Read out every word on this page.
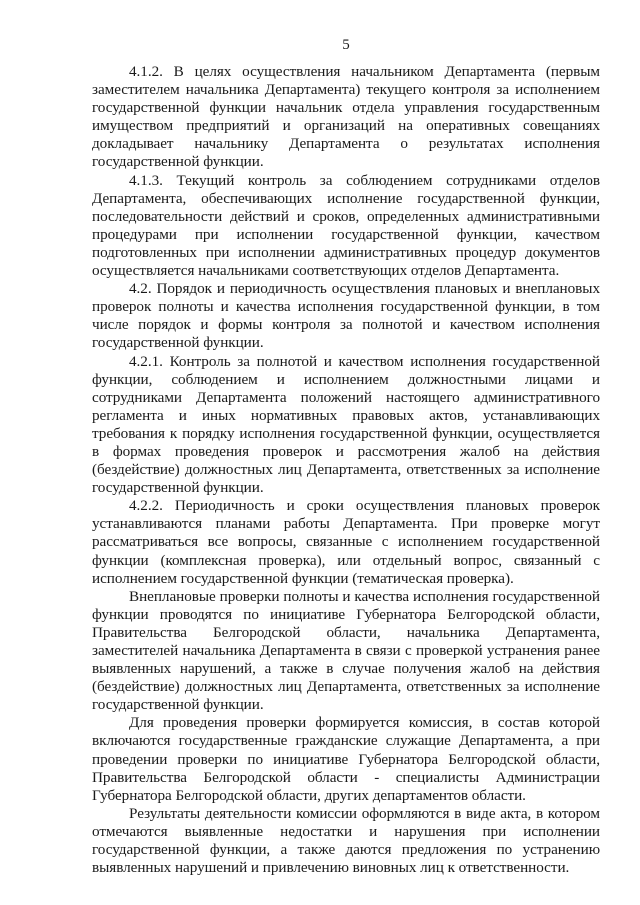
5

4.1.2. В целях осуществления начальником Департамента (первым заместителем начальника Департамента) текущего контроля за исполнением государственной функции начальник отдела управления государственным имуществом предприятий и организаций на оперативных совещаниях докладывает начальнику Департамента о результатах исполнения государственной функции.

4.1.3. Текущий контроль за соблюдением сотрудниками отделов Департамента, обеспечивающих исполнение государственной функции, последовательности действий и сроков, определенных административными процедурами при исполнении государственной функции, качеством подготовленных при исполнении административных процедур документов осуществляется начальниками соответствующих отделов Департамента.

4.2. Порядок и периодичность осуществления плановых и внеплановых проверок полноты и качества исполнения государственной функции, в том числе порядок и формы контроля за полнотой и качеством исполнения государственной функции.

4.2.1. Контроль за полнотой и качеством исполнения государственной функции, соблюдением и исполнением должностными лицами и сотрудниками Департамента положений настоящего административного регламента и иных нормативных правовых актов, устанавливающих требования к порядку исполнения государственной функции, осуществляется в формах проведения проверок и рассмотрения жалоб на действия (бездействие) должностных лиц Департамента, ответственных за исполнение государственной функции.

4.2.2. Периодичность и сроки осуществления плановых проверок устанавливаются планами работы Департамента. При проверке могут рассматриваться все вопросы, связанные с исполнением государственной функции (комплексная проверка), или отдельный вопрос, связанный с исполнением государственной функции (тематическая проверка).

Внеплановые проверки полноты и качества исполнения государственной функции проводятся по инициативе Губернатора Белгородской области, Правительства Белгородской области, начальника Департамента, заместителей начальника Департамента в связи с проверкой устранения ранее выявленных нарушений, а также в случае получения жалоб на действия (бездействие) должностных лиц Департамента, ответственных за исполнение государственной функции.

Для проведения проверки формируется комиссия, в состав которой включаются государственные гражданские служащие Департамента, а при проведении проверки по инициативе Губернатора Белгородской области, Правительства Белгородской области - специалисты Администрации Губернатора Белгородской области, других департаментов области.

Результаты деятельности комиссии оформляются в виде акта, в котором отмечаются выявленные недостатки и нарушения при исполнении государственной функции, а также даются предложения по устранению выявленных нарушений и привлечению виновных лиц к ответственности.
